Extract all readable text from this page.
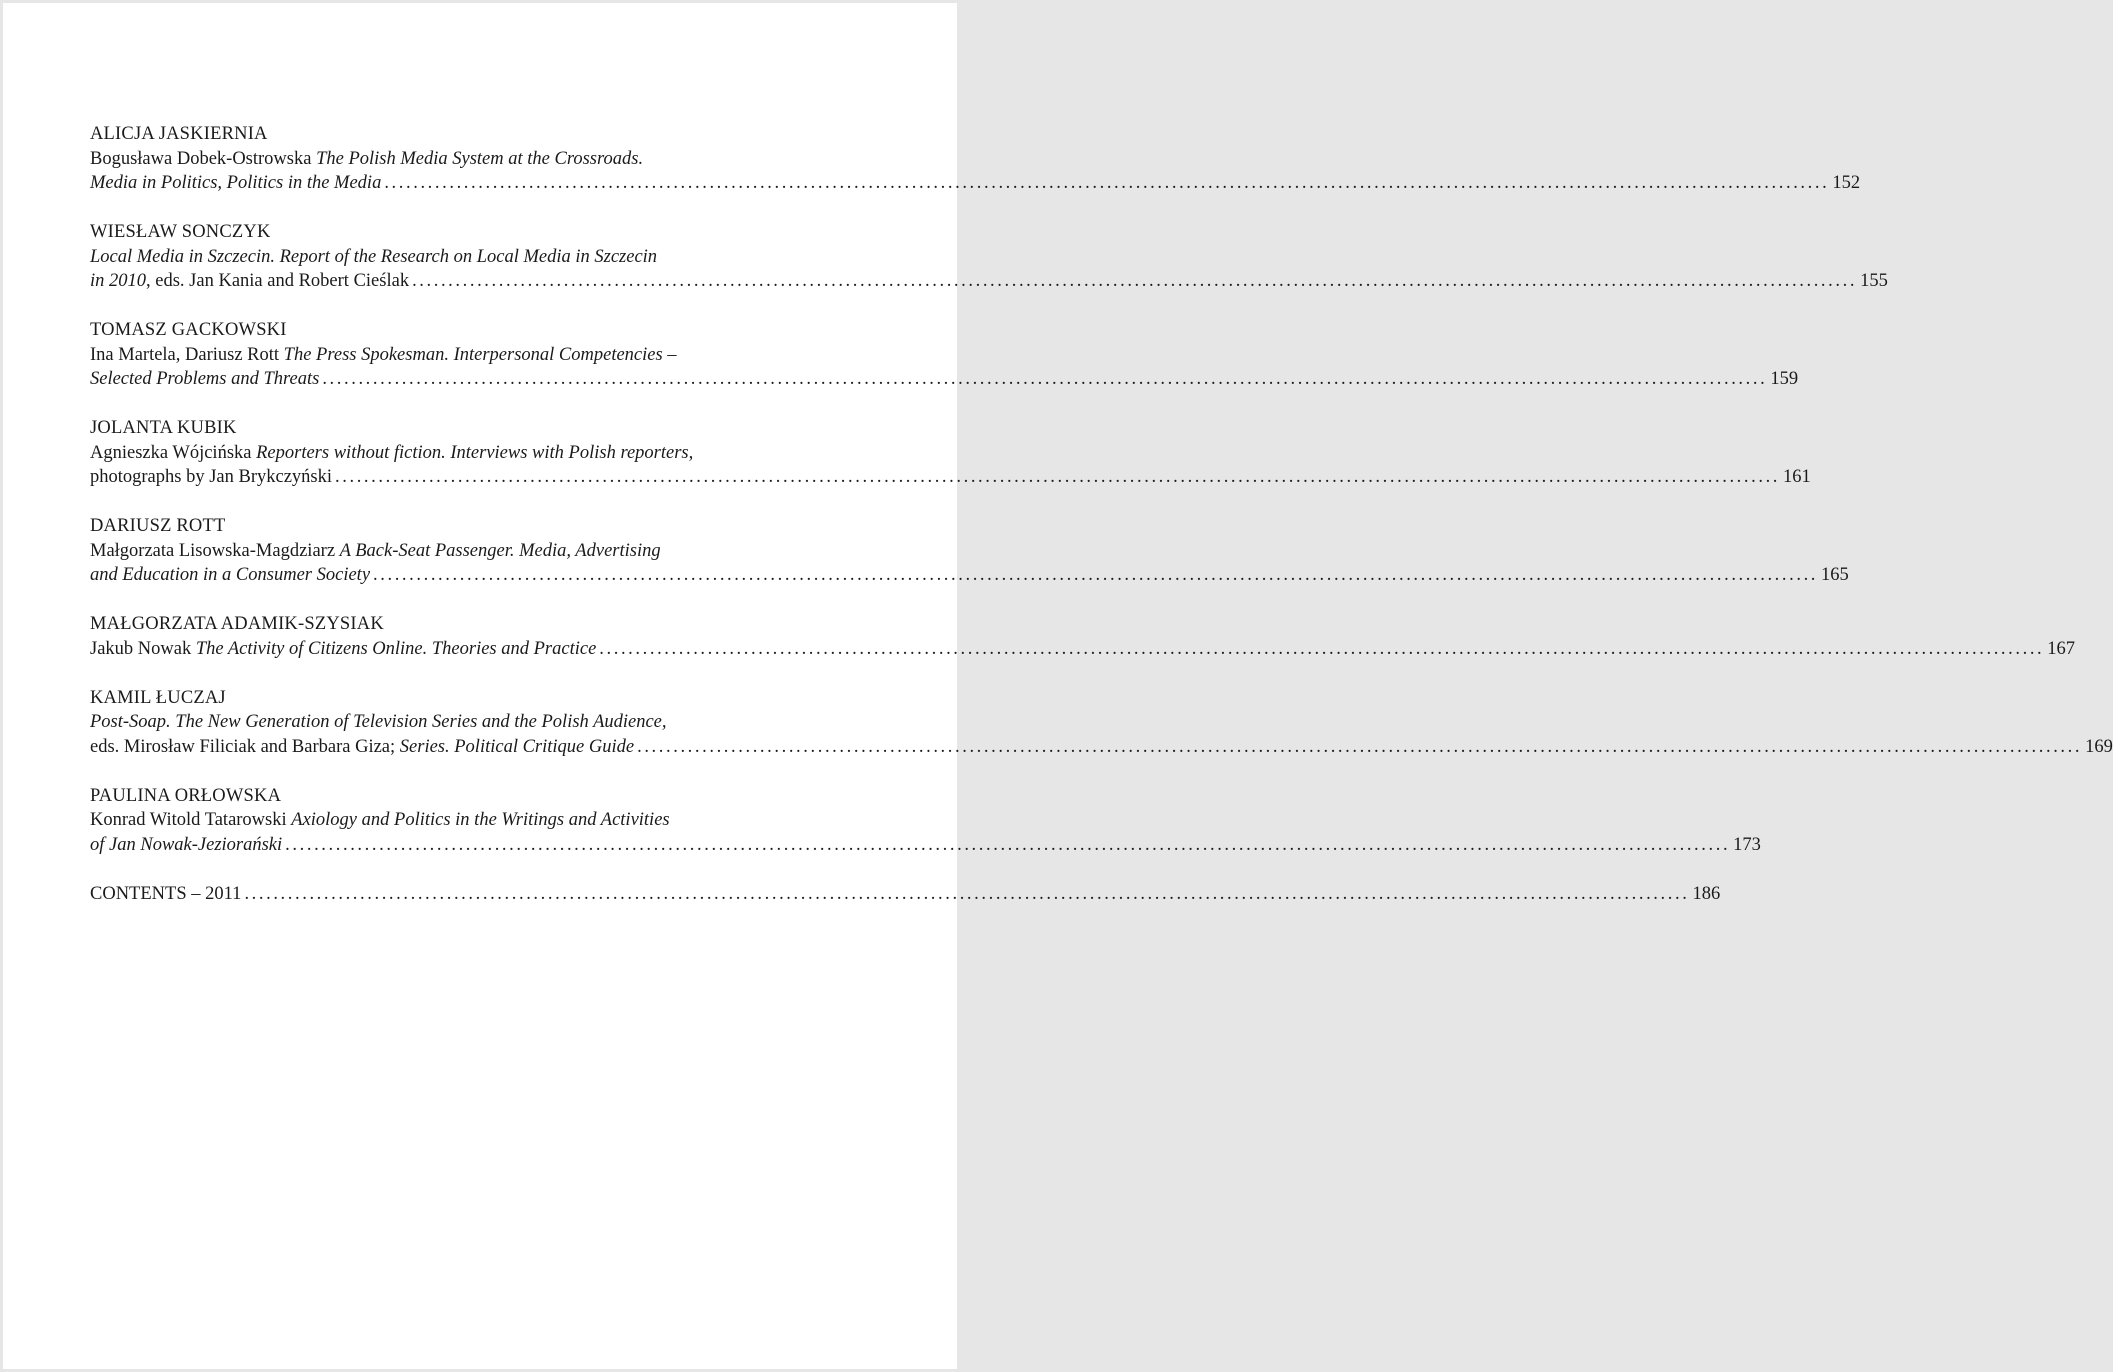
ALICJA JASKIERNIA
Bogusława Dobek-Ostrowska The Polish Media System at the Crossroads.
Media in Politics, Politics in the Media ........................................................................................................................................................................................................ 152
WIESŁAW SONCZYK
Local Media in Szczecin. Report of the Research on Local Media in Szczecin
in 2010, eds. Jan Kania and Robert Cieślak ........................................................................................................................................................................................................ 155
TOMASZ GACKOWSKI
Ina Martela, Dariusz Rott The Press Spokesman. Interpersonal Competencies –
Selected Problems and Threats ........................................................................................................................................................................................................ 159
JOLANTA KUBIK
Agnieszka Wójcińska Reporters without fiction. Interviews with Polish reporters,
photographs by Jan Brykczyński ........................................................................................................................................................................................................ 161
DARIUSZ ROTT
Małgorzata Lisowska-Magdziarz A Back-Seat Passenger. Media, Advertising
and Education in a Consumer Society ........................................................................................................................................................................................................ 165
MAŁGORZATA ADAMIK-SZYSIAK
Jakub Nowak The Activity of Citizens Online. Theories and Practice ........................................................................................................................................................................................................ 167
KAMIL ŁUCZAJ
Post-Soap. The New Generation of Television Series and the Polish Audience,
eds. Mirosław Filiciak and Barbara Giza; Series. Political Critique Guide ........................................................................................................................................................................................................ 169
PAULINA ORŁOWSKA
Konrad Witold Tatarowski Axiology and Politics in the Writings and Activities
of Jan Nowak-Jeziorański ........................................................................................................................................................................................................ 173
CONTENTS – 2011 ........................................................................................................................................................................................................ 186
